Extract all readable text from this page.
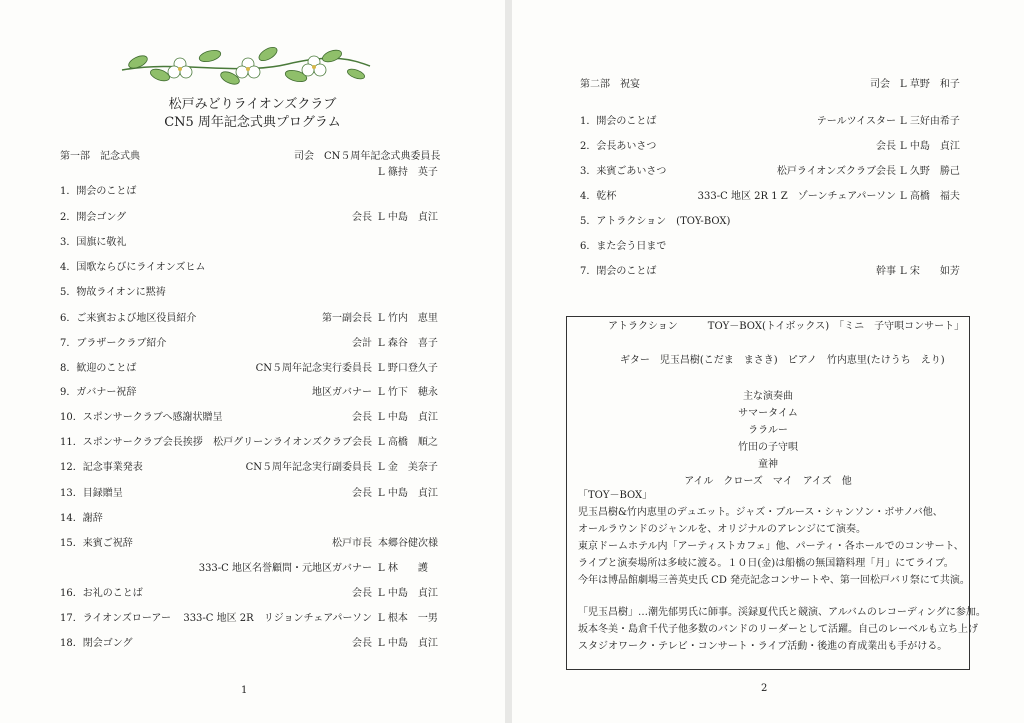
松戸みどりライオンズクラブ
CN5 周年記念式典プログラム
第一部　記念式典	司会　CN５周年記念式典委員長
L 篠持　英子
1．開会のことば
2．開会ゴング	会長 L 中島　貞江
3．国旗に敬礼
4．国歌ならびにライオンズヒム
5．物故ライオンに黙祷
6．ご来賓および地区役員紹介	第一副会長 L 竹内　恵里
7．ブラザークラブ紹介	会計 L 森谷　喜子
8．歓迎のことば	CN５周年記念実行委員長 L 野口登久子
9．ガバナー祝辞	地区ガバナー L 竹下　穂永
10．スポンサークラブへ感謝状贈呈	会長 L 中島　貞江
11．スポンサークラブ会長挨拶 松戸グリーンライオンズクラブ会長 L 高橋　順之
12．記念事業発表	CN５周年記念実行副委員長 L 金　美奈子
13．目録贈呈	会長 L 中島　貞江
14．謝辞
15．来賓ご祝辞	松戸市長 本郷谷健次様
333-C 地区名誉顧問・元地区ガバナー L 林　　護
16．お礼のことば	会長 L 中島　貞江
17．ライオンズローアー 333-C 地区 2R　リジョンチェアパーソン L 根本　一男
18．閉会ゴング	会長 L 中島　貞江
1
第二部　祝宴	司会　L 草野　和子
1．開会のことば	テールツイスター L 三好由希子
2．会長あいさつ	会長 L 中島　貞江
3．来賓ごあいさつ	松戸ライオンズクラブ会長 L 久野　勝己
4．乾杯	333-C 地区 2R 1 Z　ゾーンチェアパーソン L 高橋　福夫
5．アトラクション　(TOY-BOX)
6．また会う日まで
7．閉会のことば	幹事 L 宋　　如芳
アトラクション　　　TOY－BOX(トイボックス)　「ミニ　子守唄コンサート」
ギター　児玉昌樹(こだま　まさき)　ピアノ　竹内恵里(たけうち　えり)
主な演奏曲
サマータイム
ララルー
竹田の子守唄
童神
アイル　クローズ　マイ　アイズ　他
「TOY－BOX」
児玉昌樹&竹内恵里のデュエット。ジャズ・ブルース・シャンソン・ボサノバ他、
オールラウンドのジャンルを、オリジナルのアレンジにて演奏。
東京ドームホテル内「アーティストカフェ」他、パーティ・各ホールでのコンサート、
ライブと演奏場所は多岐に渡る。１０日(金)は船橋の無国籍料理「月」にてライブ。
今年は博品館劇場三善英史氏 CD 発売記念コンサートや、第一回松戸バリ祭にて共演。
「児玉昌樹」…潮先郁男氏に師事。渓録夏代氏と競演、アルバムのレコーディングに参加。
坂本冬美・島倉千代子他多数のバンドのリーダーとして活躍。自己のレーベルも立ち上げ
スタジオワーク・テレビ・コンサート・ライブ活動・後進の育成業出も手がける。
2
